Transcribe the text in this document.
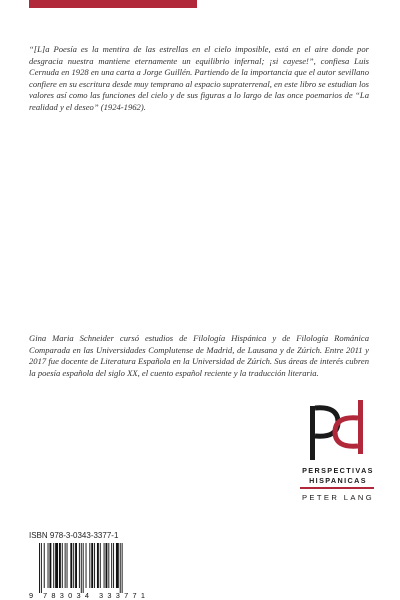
“[L]a Poesía es la mentira de las estrellas en el cielo imposible, está en el aire donde por desgracia nuestra mantiene eternamente un equilibrio infernal; ¡si cayese!”, confiesa Luis Cernuda en 1928 en una carta a Jorge Guillén. Partiendo de la importancia que el autor sevillano confiere en su escritura desde muy temprano al espacio supraterrenal, en este libro se estudian los valores así como las funciones del cielo y de sus figuras a lo largo de las once poemarios de “La realidad y el deseo” (1924-1962).

Gina Maria Schneider cursó estudios de Filología Hispánica y de Filología Románica Comparada en las Universidades Complutense de Madrid, de Lausana y de Zúrich. Entre 2011 y 2017 fue docente de Literatura Española en la Universidad de Zúrich. Sus áreas de interés cubren la poesía española del siglo XX, el cuento español reciente y la traducción literaria.

PERSPECTIVAS
HISPANICAS
PETER LANG
ISBN 978-3-0343-3377-1
9 783034 333771
